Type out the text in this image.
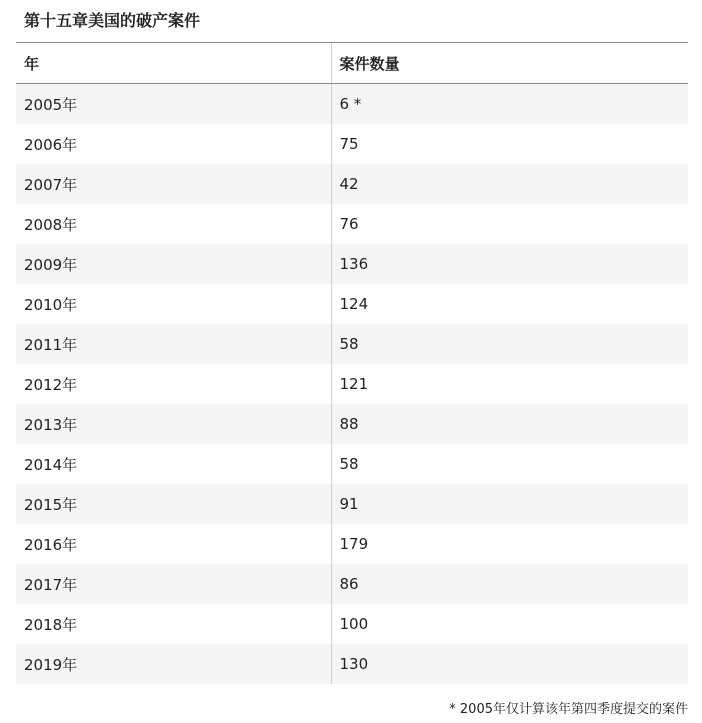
第十五章美国的破产案件
年	案件数量
2005年	6 *
2006年	75
2007年	42
2008年	76
2009年	136
2010年	124
2011年	58
2012年	121
2013年	88
2014年	58
2015年	91
2016年	179
2017年	86
2018年	100
2019年	130
* 2005年仅计算该年第四季度提交的案件
